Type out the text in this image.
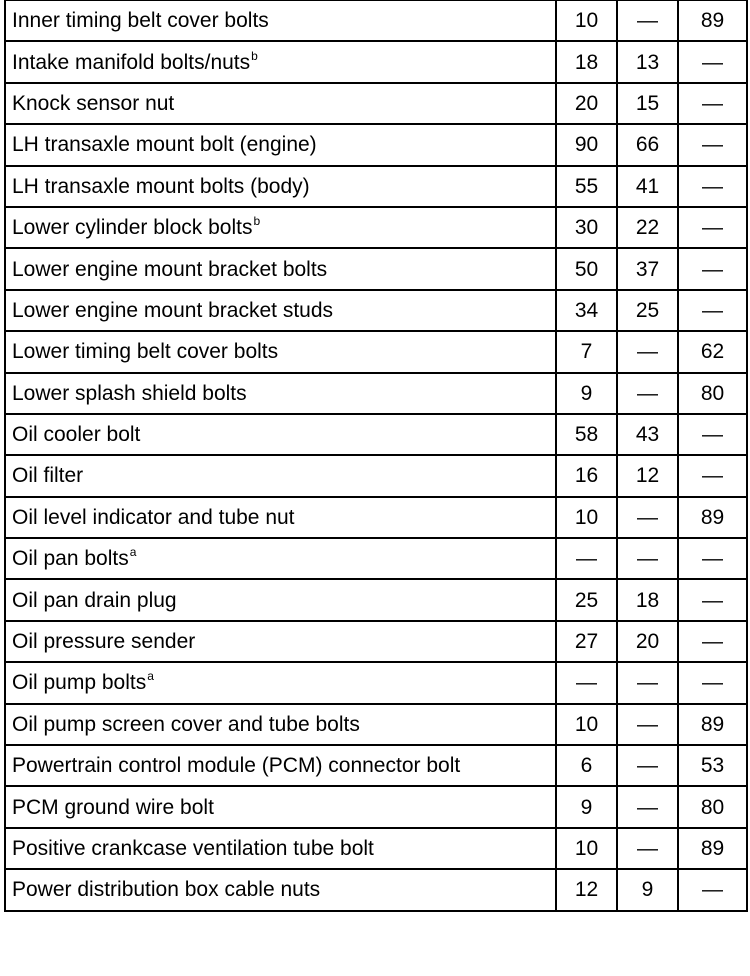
Inner timing belt cover bolts	10	—	89
Intake manifold bolts/nuts$^b$	18	13	—
Knock sensor nut	20	15	—
LH transaxle mount bolt (engine)	90	66	—
LH transaxle mount bolts (body)	55	41	—
Lower cylinder block bolts$^b$	30	22	—
Lower engine mount bracket bolts	50	37	—
Lower engine mount bracket studs	34	25	—
Lower timing belt cover bolts	7	—	62
Lower splash shield bolts	9	—	80
Oil cooler bolt	58	43	—
Oil filter	16	12	—
Oil level indicator and tube nut	10	—	89
Oil pan bolts$^a$	—	—	—
Oil pan drain plug	25	18	—
Oil pressure sender	27	20	—
Oil pump bolts$^a$	—	—	—
Oil pump screen cover and tube bolts	10	—	89
Powertrain control module (PCM) connector bolt	6	—	53
PCM ground wire bolt	9	—	80
Positive crankcase ventilation tube bolt	10	—	89
Power distribution box cable nuts	12	9	—
